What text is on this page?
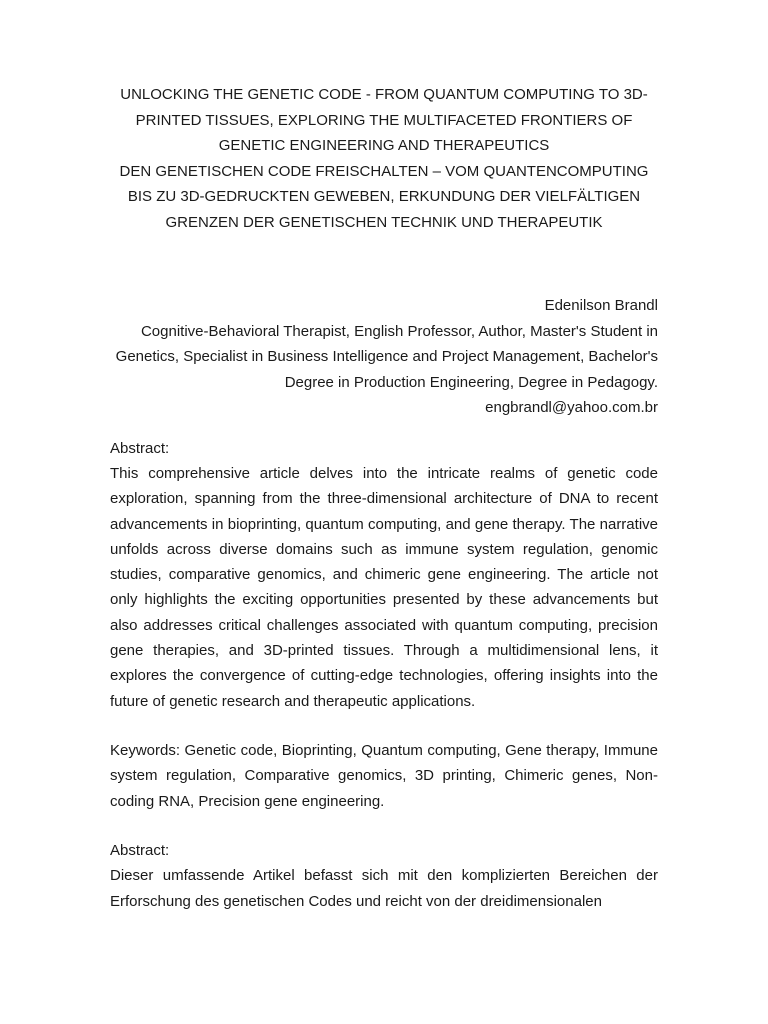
UNLOCKING THE GENETIC CODE - FROM QUANTUM COMPUTING TO 3D-PRINTED TISSUES, EXPLORING THE MULTIFACETED FRONTIERS OF GENETIC ENGINEERING AND THERAPEUTICS

DEN GENETISCHEN CODE FREISCHALTEN – VOM QUANTENCOMPUTING BIS ZU 3D-GEDRUCKTEN GEWEBEN, ERKUNDUNG DER VIELFÄLTIGEN GRENZEN DER GENETISCHEN TECHNIK UND THERAPEUTIK

Edenilson Brandl

Cognitive-Behavioral Therapist, English Professor, Author, Master's Student in Genetics, Specialist in Business Intelligence and Project Management, Bachelor's Degree in Production Engineering, Degree in Pedagogy.

engbrandl@yahoo.com.br

Abstract:

This comprehensive article delves into the intricate realms of genetic code exploration, spanning from the three-dimensional architecture of DNA to recent advancements in bioprinting, quantum computing, and gene therapy. The narrative unfolds across diverse domains such as immune system regulation, genomic studies, comparative genomics, and chimeric gene engineering. The article not only highlights the exciting opportunities presented by these advancements but also addresses critical challenges associated with quantum computing, precision gene therapies, and 3D-printed tissues. Through a multidimensional lens, it explores the convergence of cutting-edge technologies, offering insights into the future of genetic research and therapeutic applications.

Keywords: Genetic code, Bioprinting, Quantum computing, Gene therapy, Immune system regulation, Comparative genomics, 3D printing, Chimeric genes, Non-coding RNA, Precision gene engineering.

Abstract:

Dieser umfassende Artikel befasst sich mit den komplizierten Bereichen der Erforschung des genetischen Codes und reicht von der dreidimensionalen
